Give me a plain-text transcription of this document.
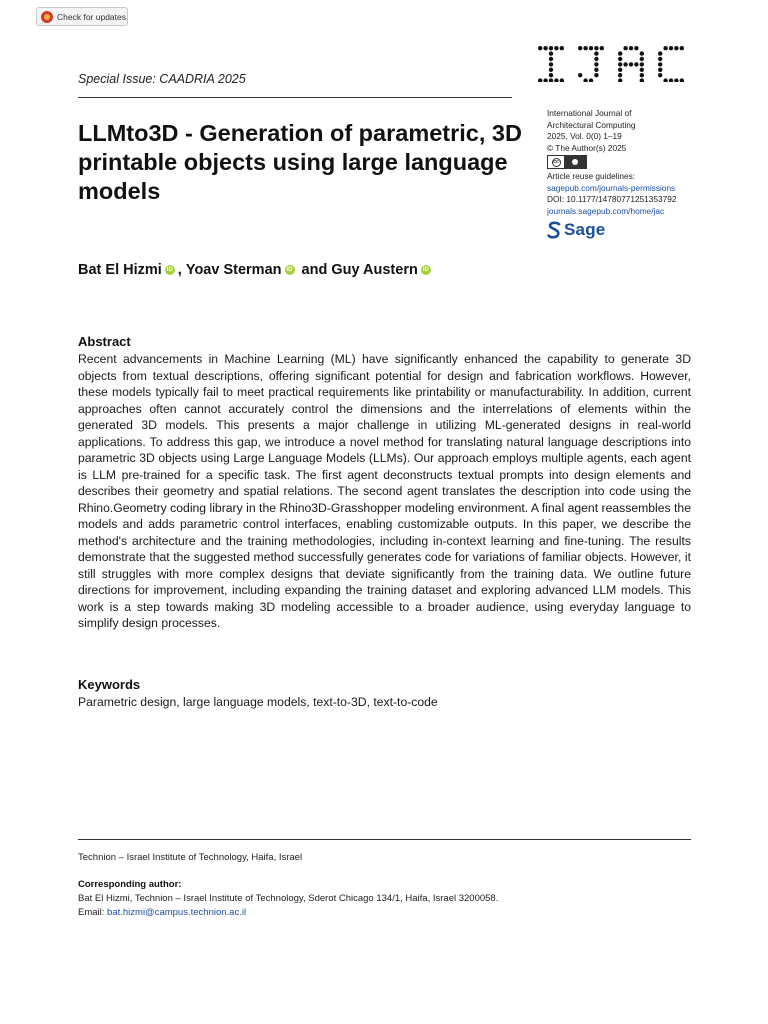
Check for updates
Special Issue: CAADRIA 2025
LLMto3D - Generation of parametric, 3D printable objects using large language models
International Journal of
Architectural Computing
2025, Vol. 0(0) 1–19
© The Author(s) 2025
cc
Article reuse guidelines:
sagepub.com/journals-permissions
DOI: 10.1177/14780771251353792
journals.sagepub.com/home/jac
Sage
Bat El Hizmi iD , Yoav Sterman iD and Guy Austern iD
Abstract
Recent advancements in Machine Learning (ML) have significantly enhanced the capability to generate 3D objects from textual descriptions, offering significant potential for design and fabrication workflows. However, these models typically fail to meet practical requirements like printability or manufacturability. In addition, current approaches often cannot accurately control the dimensions and the interrelations of elements within the generated 3D models. This presents a major challenge in utilizing ML-generated designs in real-world applications. To address this gap, we introduce a novel method for translating natural language descriptions into parametric 3D objects using Large Language Models (LLMs). Our approach employs multiple agents, each agent is LLM pre-trained for a specific task. The first agent deconstructs textual prompts into design elements and describes their geometry and spatial relations. The second agent translates the description into code using the Rhino.Geometry coding library in the Rhino3D-Grasshopper modeling environment. A final agent reassembles the models and adds parametric control interfaces, enabling customizable outputs. In this paper, we describe the method's architecture and the training methodologies, including in-context learning and fine-tuning. The results demonstrate that the suggested method successfully generates code for variations of familiar objects. However, it still struggles with more complex designs that deviate significantly from the training data. We outline future directions for improvement, including expanding the training dataset and exploring advanced LLM models. This work is a step towards making 3D modeling accessible to a broader audience, using everyday language to simplify design processes.
Keywords
Parametric design, large language models, text-to-3D, text-to-code
Technion – Israel Institute of Technology, Haifa, Israel
Corresponding author:
Bat El Hizmi, Technion – Israel Institute of Technology, Sderot Chicago 134/1, Haifa, Israel 3200058.
Email: bat.hizmi@campus.technion.ac.il
